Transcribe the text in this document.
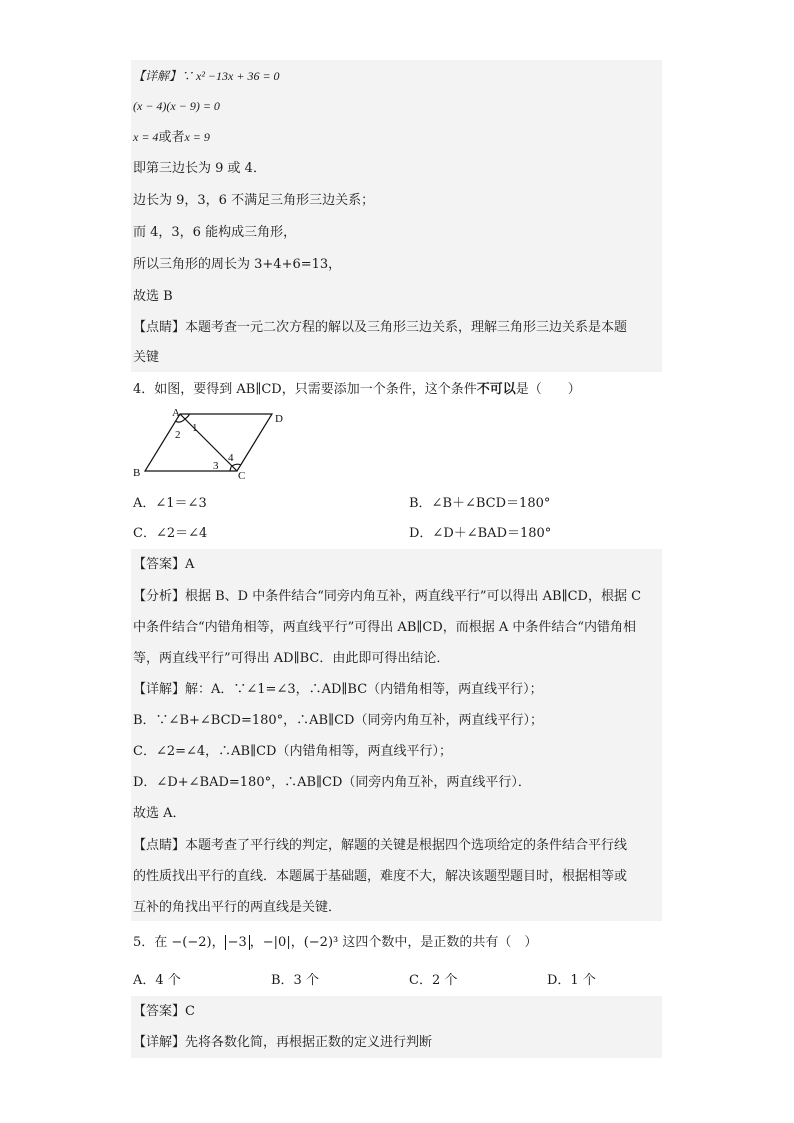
【详解】∵ x² −13x + 36 = 0
(x − 4)(x − 9) = 0
x = 4或者x = 9
即第三边长为 9 或 4．
边长为 9，3，6 不满足三角形三边关系；
而 4，3，6 能构成三角形，
所以三角形的周长为 3+4+6=13，
故选 B
【点睛】本题考查一元二次方程的解以及三角形三边关系，理解三角形三边关系是本题
关键
4．如图，要得到 AB∥CD，只需要添加一个条件，这个条件不可以是（　　）
A	D
B	C
1
2
3
4
A．∠1＝∠3	B．∠B＋∠BCD＝180°
C．∠2＝∠4	D．∠D＋∠BAD＝180°
【答案】A
【分析】根据 B、D 中条件结合“同旁内角互补，两直线平行”可以得出 AB∥CD，根据 C
中条件结合“内错角相等，两直线平行”可得出 AB∥CD，而根据 A 中条件结合“内错角相
等，两直线平行”可得出 AD∥BC．由此即可得出结论．
【详解】解：A．∵∠1=∠3，∴AD∥BC（内错角相等，两直线平行）；
B．∵∠B+∠BCD=180°，∴AB∥CD（同旁内角互补，两直线平行）；
C．∠2=∠4，∴AB∥CD（内错角相等，两直线平行）；
D．∠D+∠BAD=180°，∴AB∥CD（同旁内角互补，两直线平行）．
故选 A．
【点睛】本题考查了平行线的判定，解题的关键是根据四个选项给定的条件结合平行线
的性质找出平行的直线．本题属于基础题，难度不大，解决该题型题目时，根据相等或
互补的角找出平行的两直线是关键．
5．在 −(−2)， −3 ，−|0|，(−2)³ 这四个数中，是正数的共有（　）
A．4 个	B．3 个	C．2 个	D．1 个
【答案】C
【详解】先将各数化简，再根据正数的定义进行判断
